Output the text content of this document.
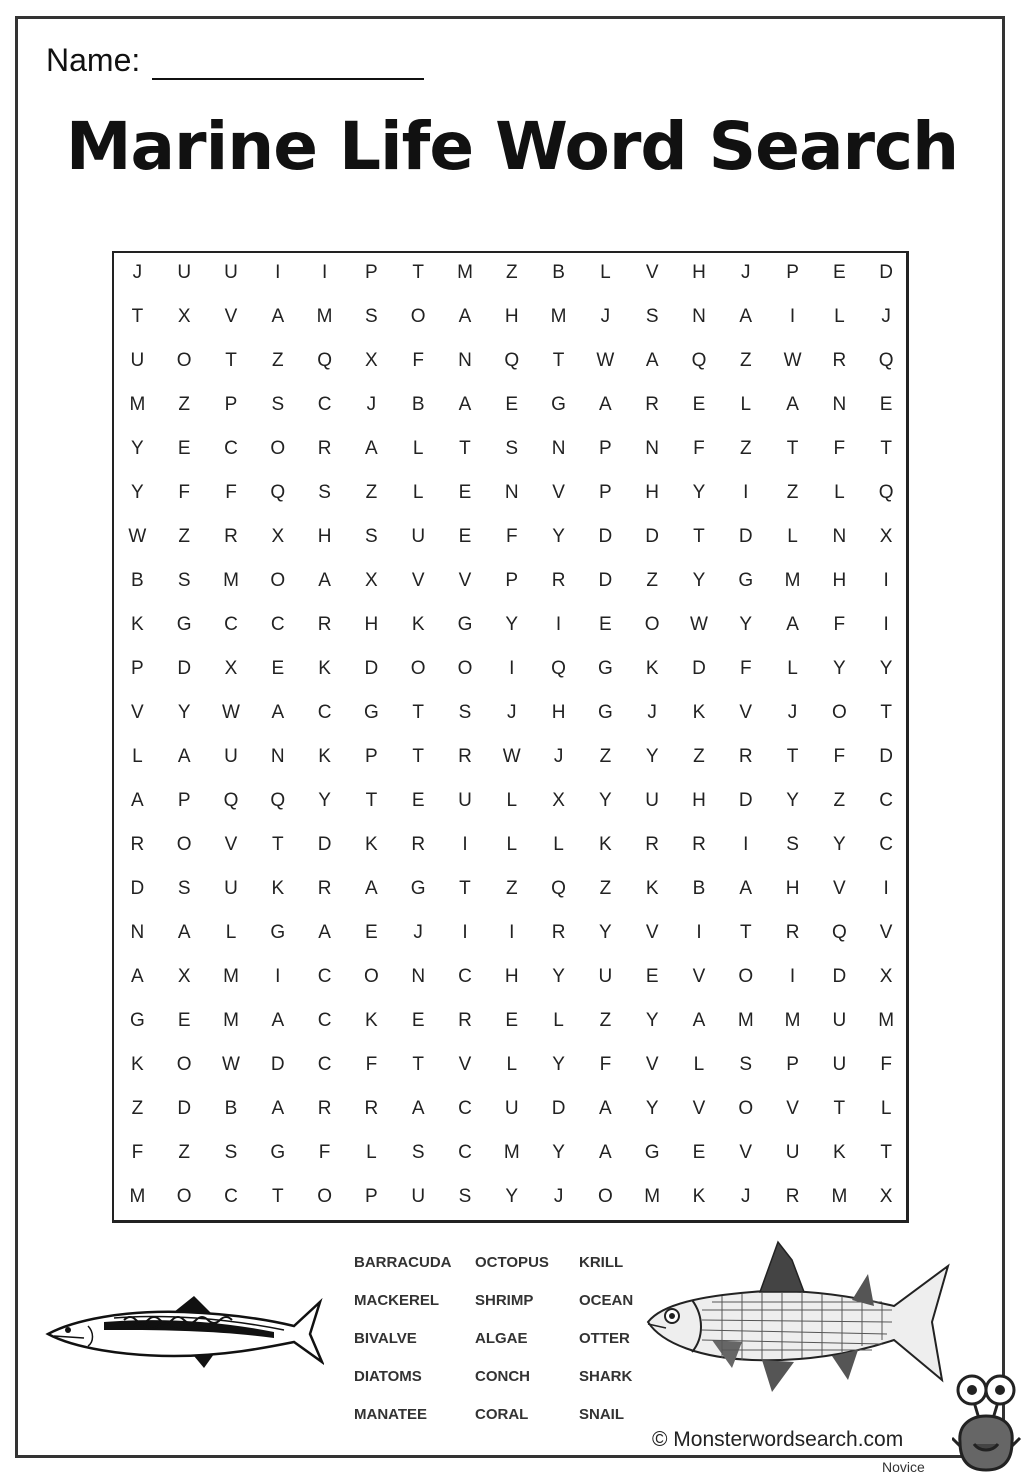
Name:
Marine Life Word Search
J	U	U	I	I	P	T	M	Z	B	L	V	H	J	P	E	D
T	X	V	A	M	S	O	A	H	M	J	S	N	A	I	L	J
U	O	T	Z	Q	X	F	N	Q	T	W	A	Q	Z	W	R	Q
M	Z	P	S	C	J	B	A	E	G	A	R	E	L	A	N	E
Y	E	C	O	R	A	L	T	S	N	P	N	F	Z	T	F	T
Y	F	F	Q	S	Z	L	E	N	V	P	H	Y	I	Z	L	Q
W	Z	R	X	H	S	U	E	F	Y	D	D	T	D	L	N	X
B	S	M	O	A	X	V	V	P	R	D	Z	Y	G	M	H	I
K	G	C	C	R	H	K	G	Y	I	E	O	W	Y	A	F	I
P	D	X	E	K	D	O	O	I	Q	G	K	D	F	L	Y	Y
V	Y	W	A	C	G	T	S	J	H	G	J	K	V	J	O	T
L	A	U	N	K	P	T	R	W	J	Z	Y	Z	R	T	F	D
A	P	Q	Q	Y	T	E	U	L	X	Y	U	H	D	Y	Z	C
R	O	V	T	D	K	R	I	L	L	K	R	R	I	S	Y	C
D	S	U	K	R	A	G	T	Z	Q	Z	K	B	A	H	V	I
N	A	L	G	A	E	J	I	I	R	Y	V	I	T	R	Q	V
A	X	M	I	C	O	N	C	H	Y	U	E	V	O	I	D	X
G	E	M	A	C	K	E	R	E	L	Z	Y	A	M	M	U	M
K	O	W	D	C	F	T	V	L	Y	F	V	L	S	P	U	F
Z	D	B	A	R	R	A	C	U	D	A	Y	V	O	V	T	L
F	Z	S	G	F	L	S	C	M	Y	A	G	E	V	U	K	T
M	O	C	T	O	P	U	S	Y	J	O	M	K	J	R	M	X
BARRACUDA	OCTOPUS	KRILL
MACKEREL	SHRIMP	OCEAN
BIVALVE	ALGAE	OTTER
DIATOMS	CONCH	SHARK
MANATEE	CORAL	SNAIL
© Monsterwordsearch.com
Novice
